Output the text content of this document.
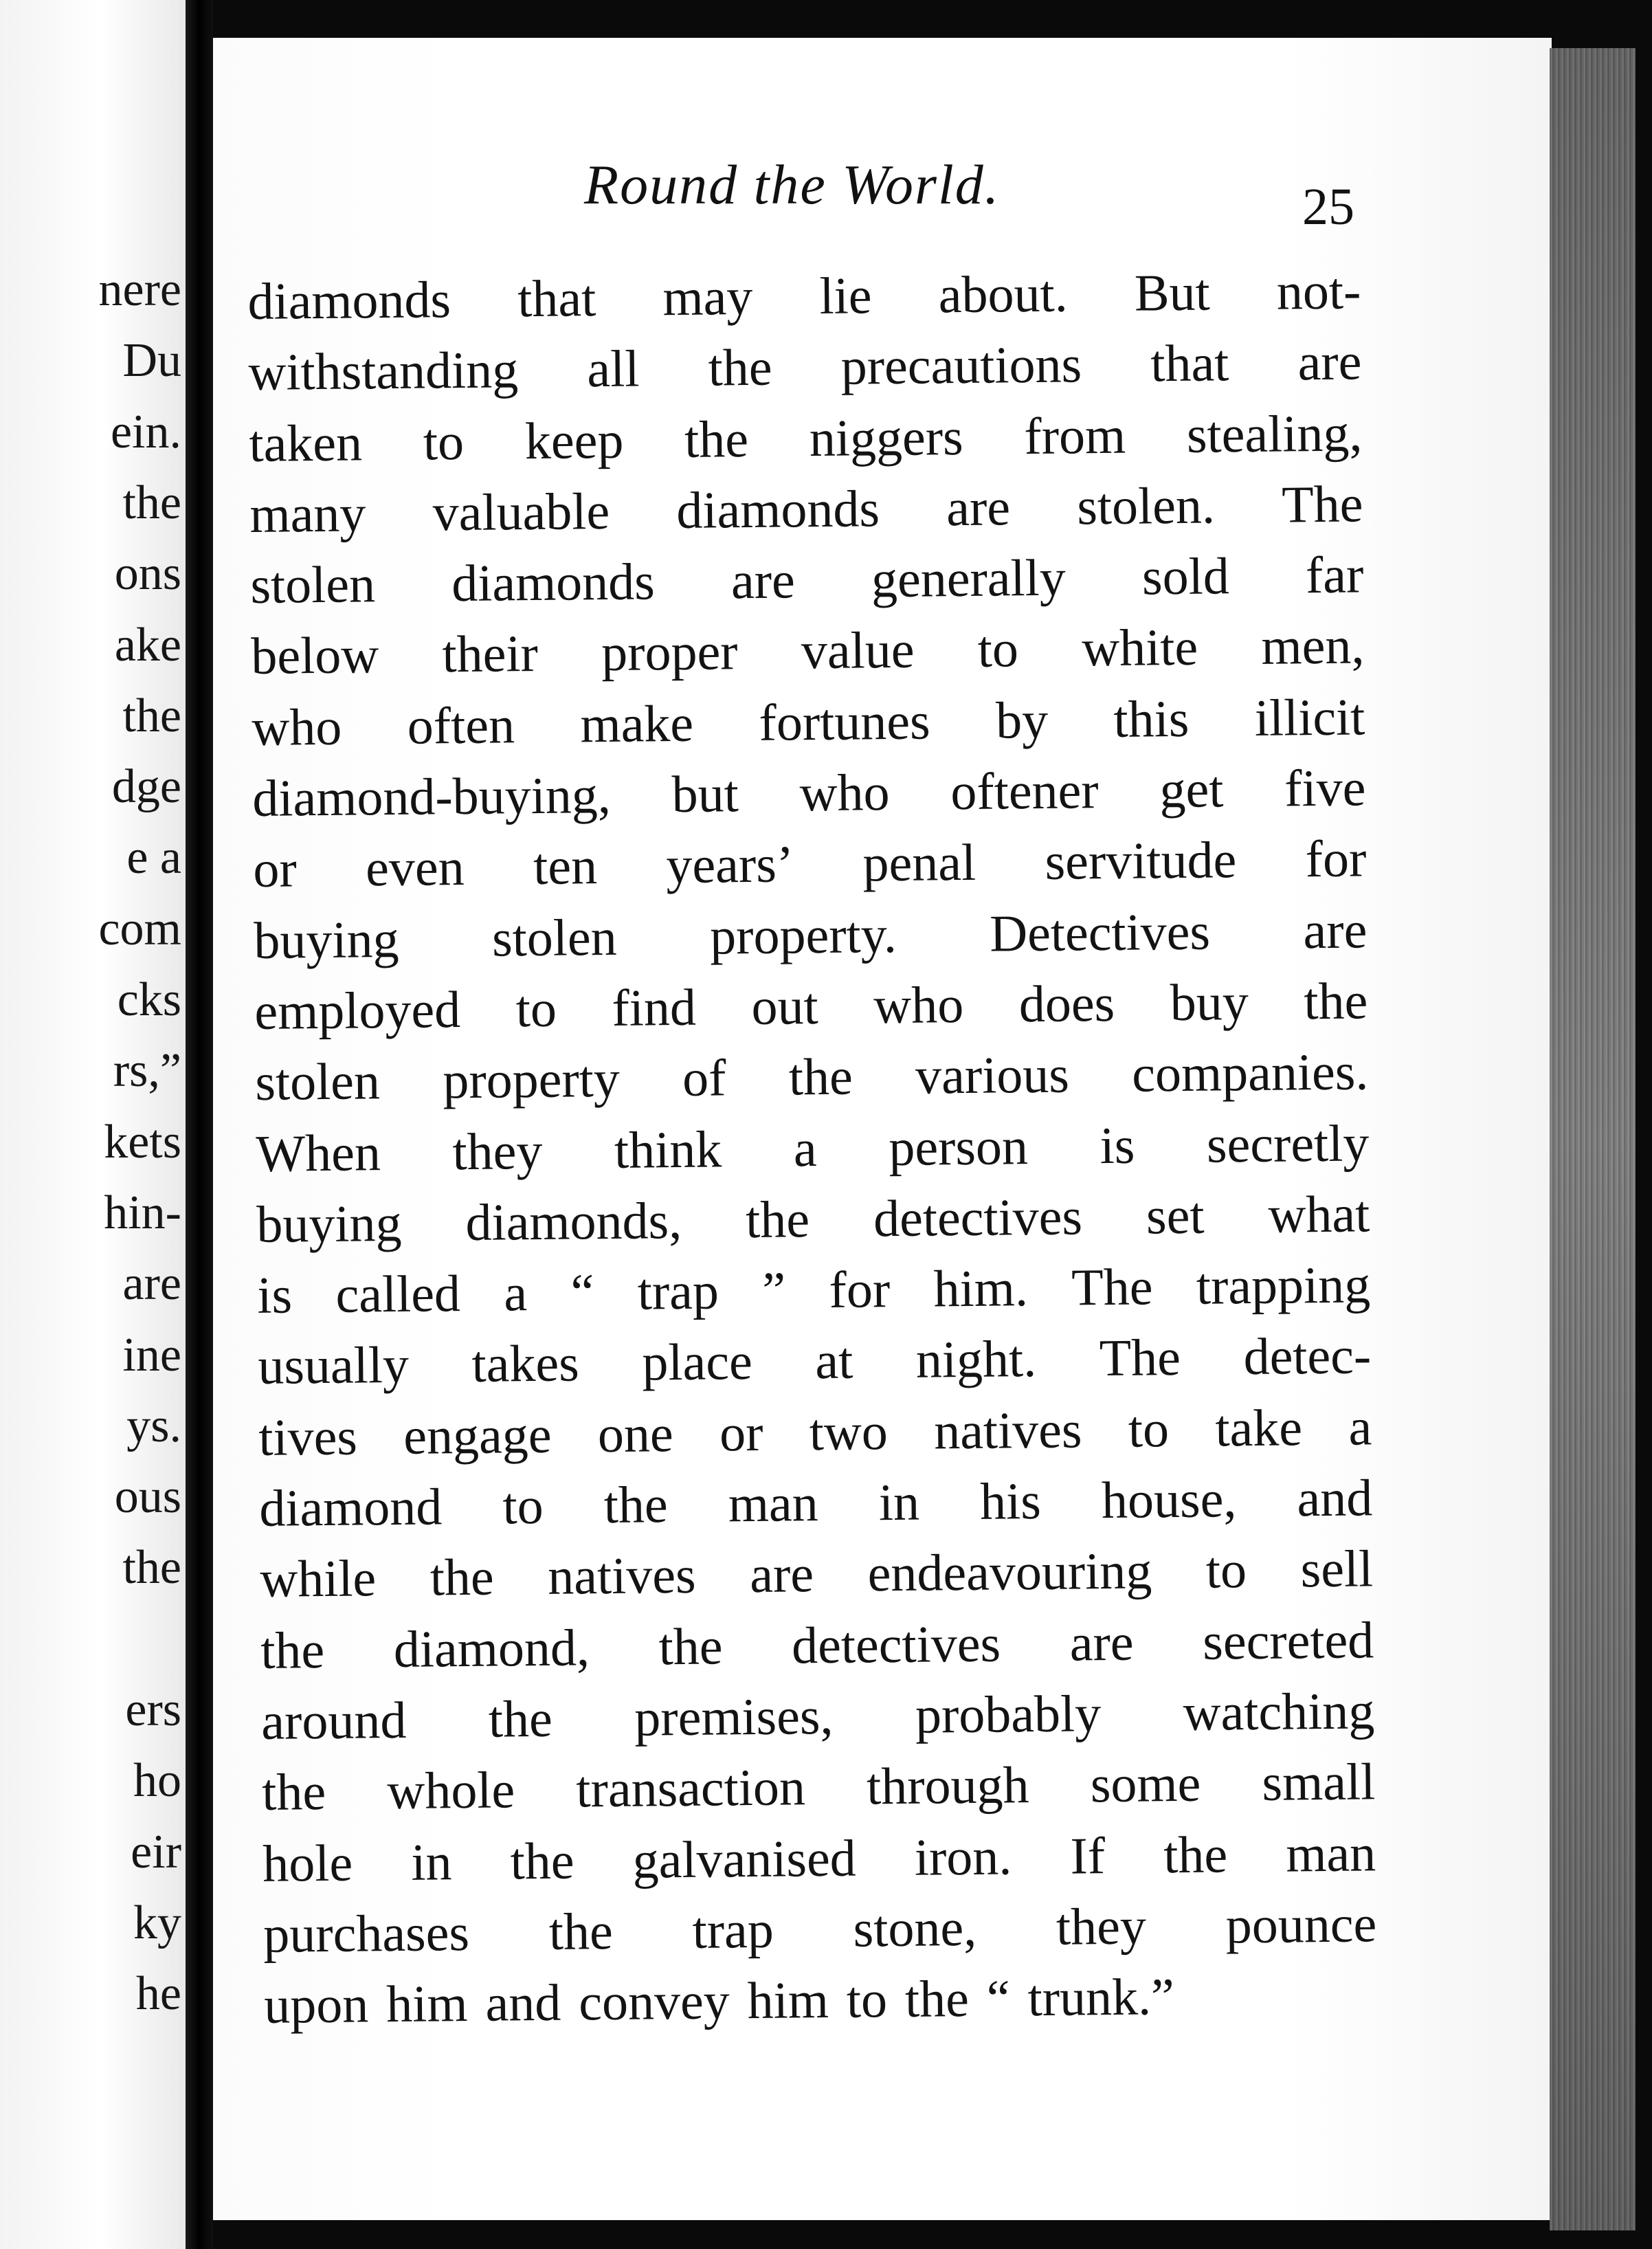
nere
Du
ein.
the
ons
ake
the
dge
e a
com
cks
rs,”
kets
hin-
are
ine
ys.
ous
the
ers
ho
eir
ky
he
Round the World.	25
diamonds that may lie about. But not-
withstanding all the precautions that are
taken to keep the niggers from stealing,
many valuable diamonds are stolen. The
stolen diamonds are generally sold far
below their proper value to white men,
who often make fortunes by this illicit
diamond-buying, but who oftener get five
or even ten years’ penal servitude for
buying stolen property. Detectives are
employed to find out who does buy the
stolen property of the various companies.
When they think a person is secretly
buying diamonds, the detectives set what
is called a “ trap ” for him. The trapping
usually takes place at night. The detec-
tives engage one or two natives to take a
diamond to the man in his house, and
while the natives are endeavouring to sell
the diamond, the detectives are secreted
around the premises, probably watching
the whole transaction through some small
hole in the galvanised iron. If the man
purchases the trap stone, they pounce
upon him and convey him to the “ trunk.”
